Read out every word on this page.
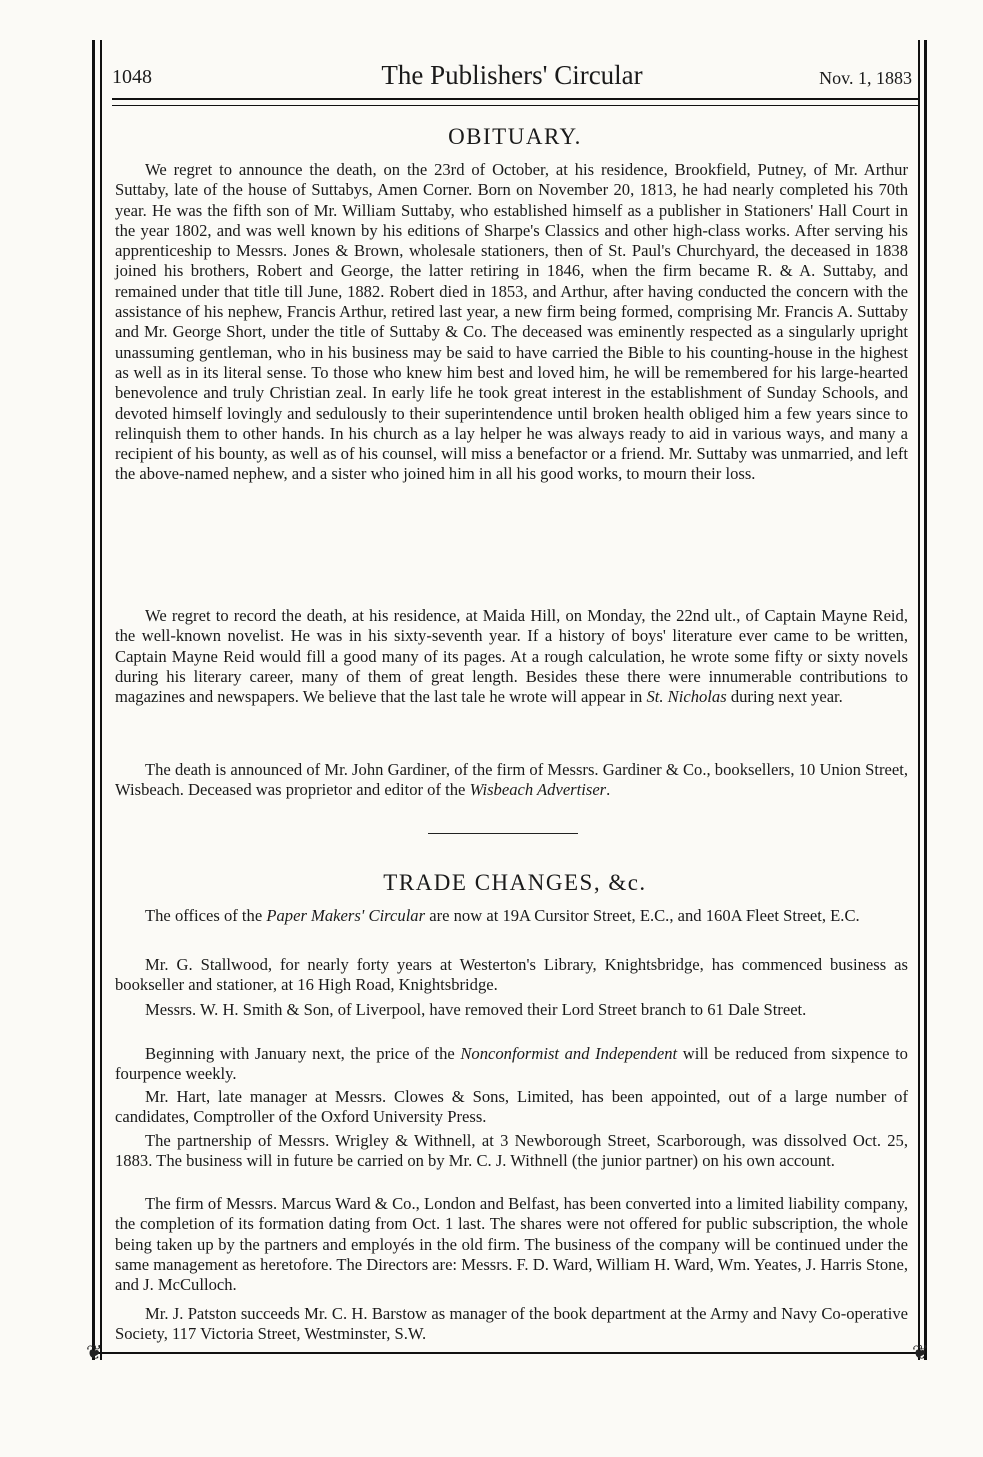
1048	The Publishers' Circular	Nov. 1, 1883
OBITUARY.
We regret to announce the death, on the 23rd of October, at his residence, Brookfield, Putney, of Mr. Arthur Suttaby, late of the house of Suttabys, Amen Corner. Born on November 20, 1813, he had nearly completed his 70th year. He was the fifth son of Mr. William Suttaby, who established himself as a publisher in Stationers' Hall Court in the year 1802, and was well known by his editions of Sharpe's Classics and other high-class works. After serving his apprenticeship to Messrs. Jones & Brown, wholesale stationers, then of St. Paul's Churchyard, the deceased in 1838 joined his brothers, Robert and George, the latter retiring in 1846, when the firm became R. & A. Suttaby, and remained under that title till June, 1882. Robert died in 1853, and Arthur, after having conducted the concern with the assistance of his nephew, Francis Arthur, retired last year, a new firm being formed, comprising Mr. Francis A. Suttaby and Mr. George Short, under the title of Suttaby & Co. The deceased was eminently respected as a singularly upright unassuming gentleman, who in his business may be said to have carried the Bible to his counting-house in the highest as well as in its literal sense. To those who knew him best and loved him, he will be remembered for his large-hearted benevolence and truly Christian zeal. In early life he took great interest in the establishment of Sunday Schools, and devoted himself lovingly and sedulously to their superintendence until broken health obliged him a few years since to relinquish them to other hands. In his church as a lay helper he was always ready to aid in various ways, and many a recipient of his bounty, as well as of his counsel, will miss a benefactor or a friend. Mr. Suttaby was unmarried, and left the above-named nephew, and a sister who joined him in all his good works, to mourn their loss.
We regret to record the death, at his residence, at Maida Hill, on Monday, the 22nd ult., of Captain Mayne Reid, the well-known novelist. He was in his sixty-seventh year. If a history of boys' literature ever came to be written, Captain Mayne Reid would fill a good many of its pages. At a rough calculation, he wrote some fifty or sixty novels during his literary career, many of them of great length. Besides these there were innumerable contributions to magazines and newspapers. We believe that the last tale he wrote will appear in St. Nicholas during next year.
The death is announced of Mr. John Gardiner, of the firm of Messrs. Gardiner & Co., booksellers, 10 Union Street, Wisbeach. Deceased was proprietor and editor of the Wisbeach Advertiser.
TRADE CHANGES, &c.
The offices of the Paper Makers' Circular are now at 19A Cursitor Street, E.C., and 160A Fleet Street, E.C.
Mr. G. Stallwood, for nearly forty years at Westerton's Library, Knightsbridge, has commenced business as bookseller and stationer, at 16 High Road, Knightsbridge.
Messrs. W. H. Smith & Son, of Liverpool, have removed their Lord Street branch to 61 Dale Street.
Beginning with January next, the price of the Nonconformist and Independent will be reduced from sixpence to fourpence weekly.
Mr. Hart, late manager at Messrs. Clowes & Sons, Limited, has been appointed, out of a large number of candidates, Comptroller of the Oxford University Press.
The partnership of Messrs. Wrigley & Withnell, at 3 Newborough Street, Scarborough, was dissolved Oct. 25, 1883. The business will in future be carried on by Mr. C. J. Withnell (the junior partner) on his own account.
The firm of Messrs. Marcus Ward & Co., London and Belfast, has been converted into a limited liability company, the completion of its formation dating from Oct. 1 last. The shares were not offered for public subscription, the whole being taken up by the partners and employés in the old firm. The business of the company will be continued under the same management as heretofore. The Directors are: Messrs. F. D. Ward, William H. Ward, Wm. Yeates, J. Harris Stone, and J. McCulloch.
Mr. J. Patston succeeds Mr. C. H. Barstow as manager of the book department at the Army and Navy Co-operative Society, 117 Victoria Street, Westminster, S.W.
❦	❦
